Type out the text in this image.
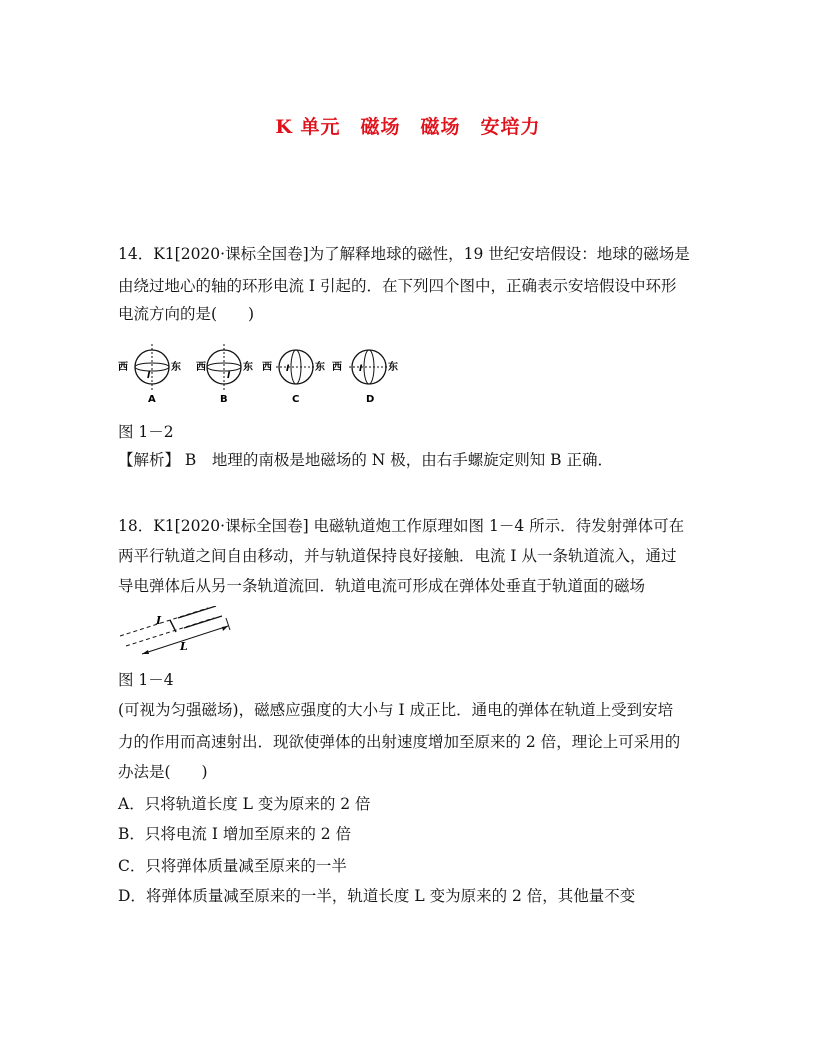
K 单元　磁场　磁场　安培力
14．K1[2020·课标全国卷]为了解释地球的磁性，19 世纪安培假设：地球的磁场是
由绕过地心的轴的环形电流 I 引起的．在下列四个图中，正确表示安培假设中环形
电流方向的是(　　)
西
I
东
A
西
I
东
B
西 I	东
C
西 I	东
D
图 1－2
【解析】 B　地理的南极是地磁场的 N 极，由右手螺旋定则知 B 正确．
18．K1[2020·课标全国卷] 电磁轨道炮工作原理如图 1－4 所示．待发射弹体可在
两平行轨道之间自由移动，并与轨道保持良好接触．电流 I 从一条轨道流入，通过
导电弹体后从另一条轨道流回．轨道电流可形成在弹体处垂直于轨道面的磁场
I
L
图 1－4
(可视为匀强磁场)，磁感应强度的大小与 I 成正比．通电的弹体在轨道上受到安培
力的作用而高速射出．现欲使弹体的出射速度增加至原来的 2 倍，理论上可采用的
办法是(　　)
A．只将轨道长度 L 变为原来的 2 倍
B．只将电流 I 增加至原来的 2 倍
C．只将弹体质量减至原来的一半
D．将弹体质量减至原来的一半，轨道长度 L 变为原来的 2 倍，其他量不变
